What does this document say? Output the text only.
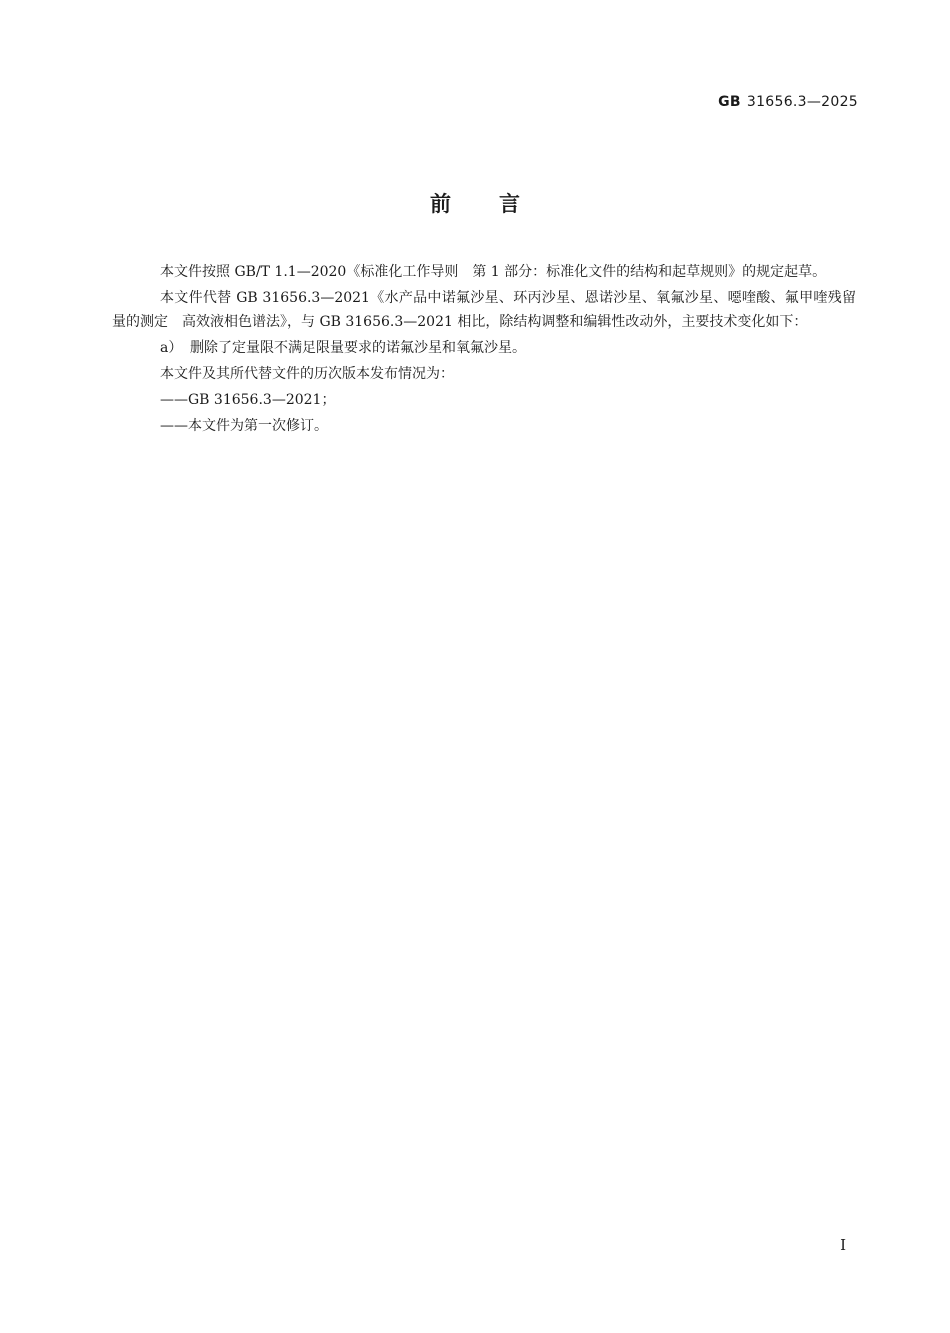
GB 31656.3—2025
前言

本文件按照 GB/T 1.1—2020《标准化工作导则　第 1 部分：标准化文件的结构和起草规则》的规定起草。

本文件代替 GB 31656.3—2021《水产品中诺氟沙星、环丙沙星、恩诺沙星、氧氟沙星、噁喹酸、氟甲喹残留量的测定　高效液相色谱法》，与 GB 31656.3—2021 相比，除结构调整和编辑性改动外，主要技术变化如下：

a） 删除了定量限不满足限量要求的诺氟沙星和氧氟沙星。

本文件及其所代替文件的历次版本发布情况为：

——GB 31656.3—2021；
——本文件为第一次修订。
I
